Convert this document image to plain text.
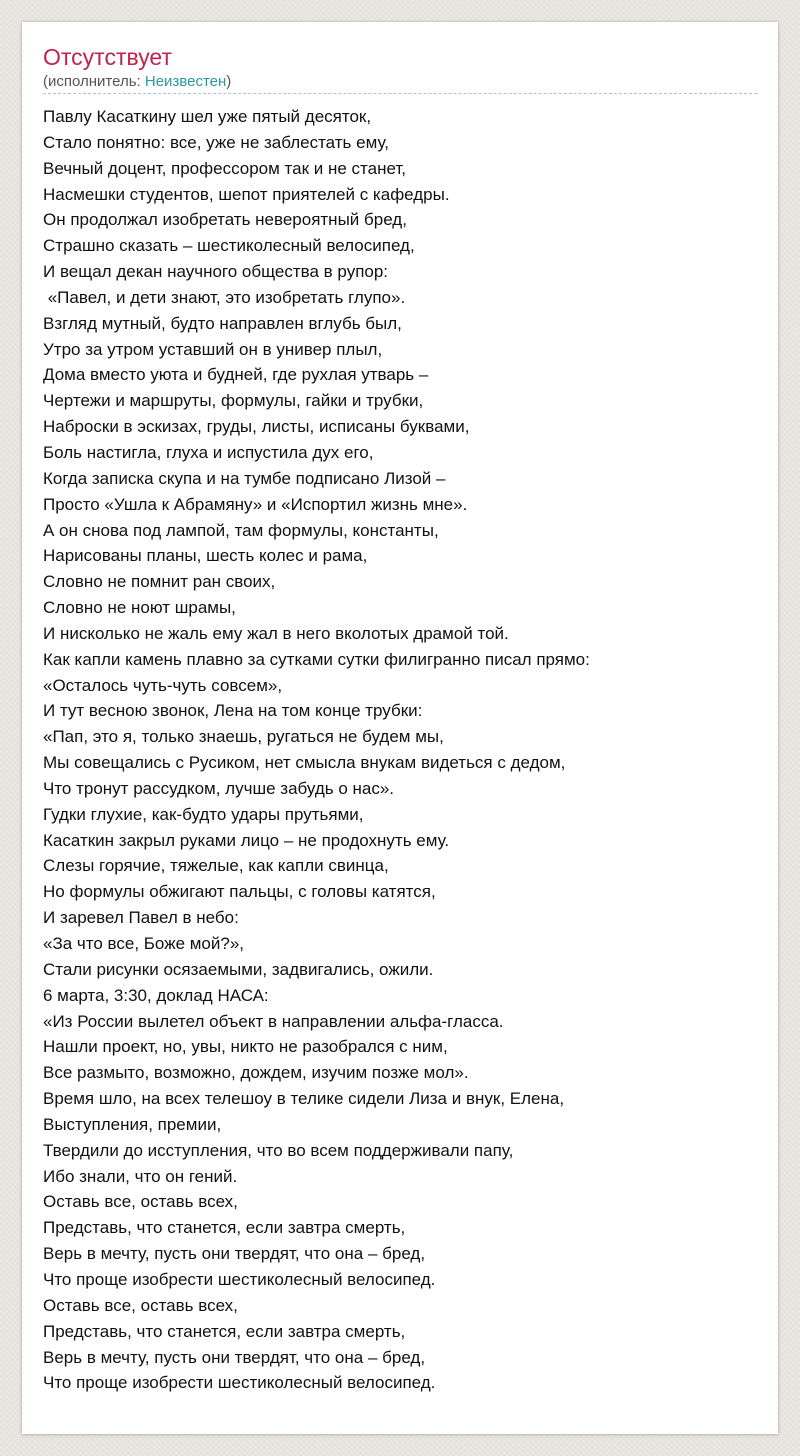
Отсутствует
(исполнитель: Неизвестен)
Павлу Касаткину шел уже пятый десяток,
Стало понятно: все, уже не заблестать ему,
Вечный доцент, профессором так и не станет,
Насмешки студентов, шепот приятелей с кафедры.
Он продолжал изобретать невероятный бред,
Страшно сказать – шестиколесный велосипед,
И вещал декан научного общества в рупор:
«Павел, и дети знают, это изобретать глупо».
Взгляд мутный, будто направлен вглубь был,
Утро за утром уставший он в универ плыл,
Дома вместо уюта и будней, где рухлая утварь –
Чертежи и маршруты, формулы, гайки и трубки,
Наброски в эскизах, груды, листы, исписаны буквами,
Боль настигла, глуха и испустила дух его,
Когда записка скупа и на тумбе подписано Лизой –
Просто «Ушла к Абрамяну» и «Испортил жизнь мне».
А он снова под лампой, там формулы, константы,
Нарисованы планы, шесть колес и рама,
Словно не помнит ран своих,
Словно не ноют шрамы,
И нисколько не жаль ему жал в него вколотых драмой той.
Как капли камень плавно за сутками сутки филигранно писал прямо:
«Осталось чуть-чуть совсем»,
И тут весною звонок, Лена на том конце трубки:
«Пап, это я, только знаешь, ругаться не будем мы,
Мы совещались с Русиком, нет смысла внукам видеться с дедом,
Что тронут рассудком, лучше забудь о нас».
Гудки глухие, как-будто удары прутьями,
Касаткин закрыл руками лицо – не продохнуть ему.
Слезы горячие, тяжелые, как капли свинца,
Но формулы обжигают пальцы, с головы катятся,
И заревел Павел в небо:
«За что все, Боже мой?»,
Стали рисунки осязаемыми, задвигались, ожили.
6 марта, 3:30, доклад НАСА:
«Из России вылетел объект в направлении альфа-гласса.
Нашли проект, но, увы, никто не разобрался с ним,
Все размыто, возможно, дождем, изучим позже мол».
Время шло, на всех телешоу в телике сидели Лиза и внук, Елена,
Выступления, премии,
Твердили до исступления, что во всем поддерживали папу,
Ибо знали, что он гений.
Оставь все, оставь всех,
Представь, что станется, если завтра смерть,
Верь в мечту, пусть они твердят, что она – бред,
Что проще изобрести шестиколесный велосипед.
Оставь все, оставь всех,
Представь, что станется, если завтра смерть,
Верь в мечту, пусть они твердят, что она – бред,
Что проще изобрести шестиколесный велосипед.
